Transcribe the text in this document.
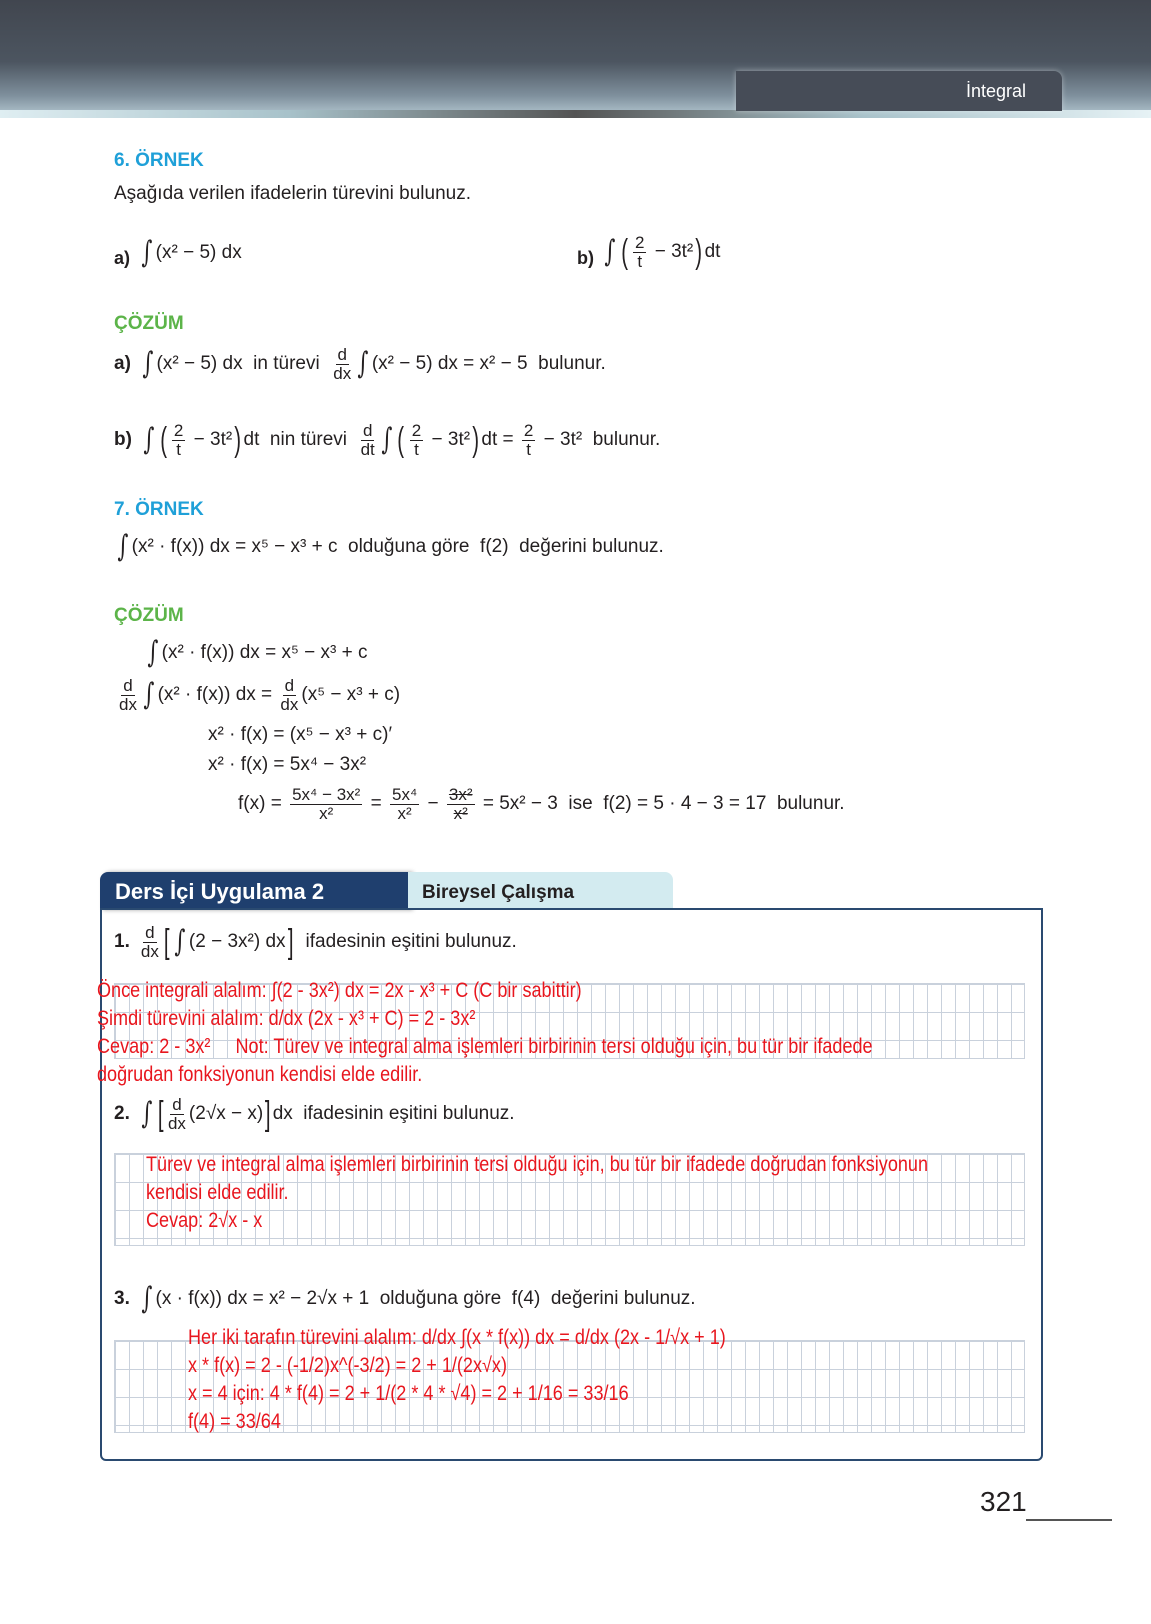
İntegral
6. ÖRNEK
Aşağıda verilen ifadelerin türevini bulunuz.
a) ∫ (x² − 5) dx	b) ∫ ( $\frac{2}{t} - 3t^2$ ) dt
ÇÖZÜM
a) ∫ (x² − 5) dx  in türevi $\frac{d}{dx}$ ∫ (x² − 5) dx = x² − 5  bulunur.
b) ∫ ( $\frac{2}{t} - 3t^2$ ) dt  nin türevi $\frac{d}{dt}$ ∫ ( $\frac{2}{t} - 3t^2$ ) dt = $\frac{2}{t} - 3t^2$  bulunur.
7. ÖRNEK
∫ (x² · f(x)) dx = x⁵ − x³ + c  olduğuna göre  f(2)  değerini bulunuz.
ÇÖZÜM
∫ (x² · f(x)) dx = x⁵ − x³ + c
$\frac{d}{dx}$ ∫ (x² · f(x)) dx = $\frac{d}{dx} (x^5 - x^3 + c)$
x² · f(x) = (x⁵ − x³ + c)′
x² · f(x) = 5x⁴ − 3x²
$f(x) = \frac{\text{5x⁴ − 3x²}}{\text{x²}} = \frac{\text{5x⁴}}{\text{x²}} - \frac{\text{3x²}}{\text{x²}} = 5x^2 - 3$  ise  f(2) = 5 · 4 − 3 = 17  bulunur.
Ders İçi Uygulama 2	Bireysel Çalışma
1. $\frac{d}{dx}$ [ ∫ (2 − 3x²) dx ] ifadesinin eşitini bulunuz.
Önce integrali alalım: ∫(2 - 3x²) dx = 2x - x³ + C (C bir sabittir)
Şimdi türevini alalım: d/dx (2x - x³ + C) = 2 - 3x²
Cevap: 2 - 3x²     Not: Türev ve integral alma işlemleri birbirinin tersi olduğu için, bu tür bir ifadede
doğrudan fonksiyonun kendisi elde edilir.
2. ∫ [ $\frac{d}{dx} (2√x - x)$ ] dx  ifadesinin eşitini bulunuz.
Türev ve integral alma işlemleri birbirinin tersi olduğu için, bu tür bir ifadede doğrudan fonksiyonun
kendisi elde edilir.
Cevap: 2√x - x
3. ∫ (x · f(x)) dx = x² − 2√x + 1  olduğuna göre  f(4)  değerini bulunuz.
Her iki tarafın türevini alalım: d/dx ∫(x * f(x)) dx = d/dx (2x - 1/√x + 1)
x * f(x) = 2 - (-1/2)x^(-3/2) = 2 + 1/(2x√x)
x = 4 için: 4 * f(4) = 2 + 1/(2 * 4 * √4) = 2 + 1/16 = 33/16
f(4) = 33/64
321
